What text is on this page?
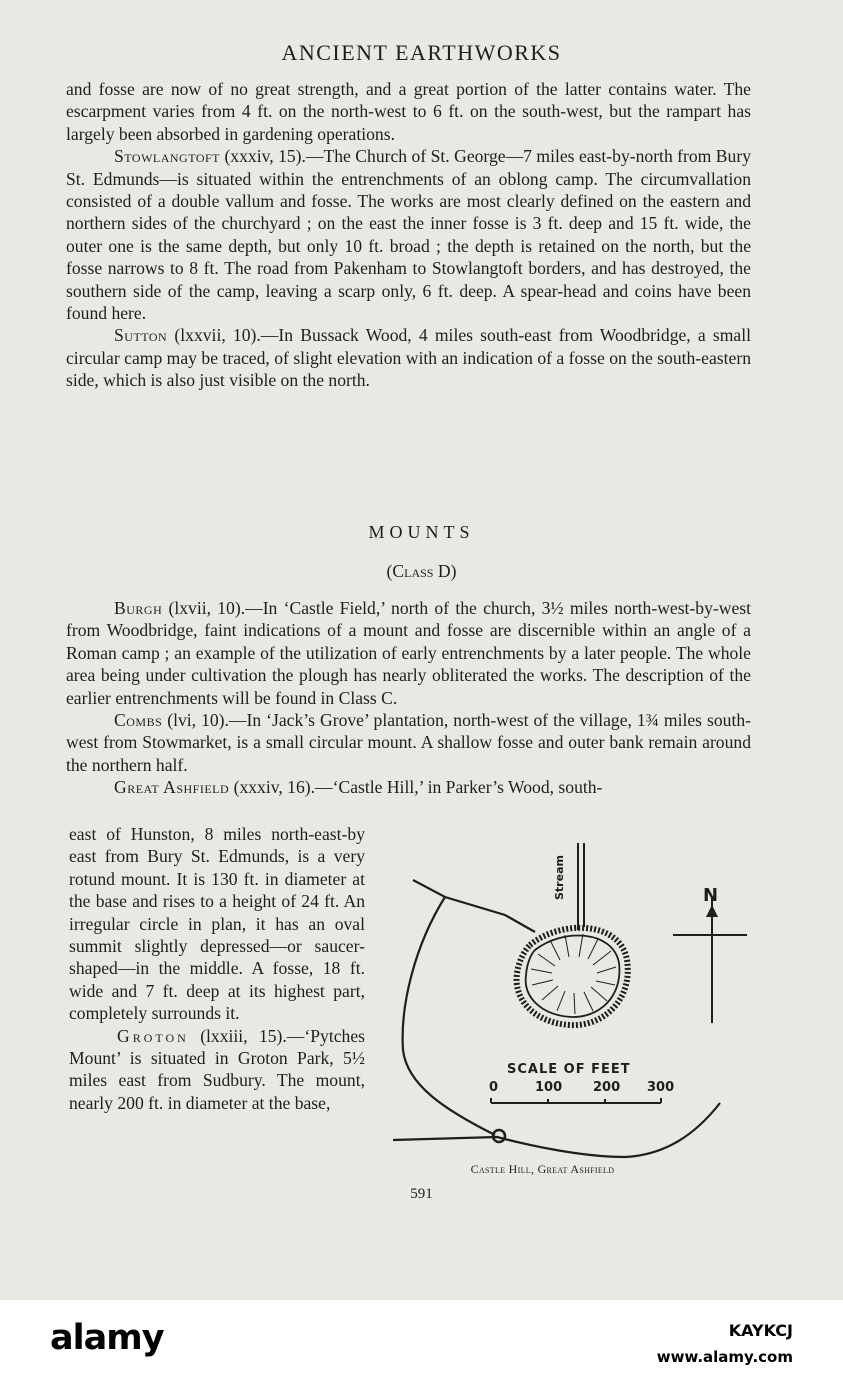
ANCIENT EARTHWORKS

and fosse are now of no great strength, and a great portion of the latter contains water. The escarpment varies from 4 ft. on the north-west to 6 ft. on the south-west, but the rampart has largely been absorbed in gardening operations.

Stowlangtoft (xxxiv, 15).—The Church of St. George—7 miles east-by-north from Bury St. Edmunds—is situated within the entrenchments of an oblong camp. The circumvallation consisted of a double vallum and fosse. The works are most clearly defined on the eastern and northern sides of the churchyard ; on the east the inner fosse is 3 ft. deep and 15 ft. wide, the outer one is the same depth, but only 10 ft. broad ; the depth is retained on the north, but the fosse narrows to 8 ft. The road from Pakenham to Stowlangtoft borders, and has destroyed, the southern side of the camp, leaving a scarp only, 6 ft. deep. A spear-head and coins have been found here.

Sutton (lxxvii, 10).—In Bussack Wood, 4 miles south-east from Woodbridge, a small circular camp may be traced, of slight elevation with an indication of a fosse on the south-eastern side, which is also just visible on the north.

MOUNTS
(Class D)

Burgh (lxvii, 10).—In ‘Castle Field,’ north of the church, 3½ miles north-west-by-west from Woodbridge, faint indications of a mount and fosse are discernible within an angle of a Roman camp ; an example of the utilization of early entrenchments by a later people. The whole area being under cultivation the plough has nearly obliterated the works. The description of the earlier entrenchments will be found in Class C.

Combs (lvi, 10).—In ‘Jack’s Grove’ plantation, north-west of the village, 1¾ miles south-west from Stowmarket, is a small circular mount. A shallow fosse and outer bank remain around the northern half.

Great Ashfield (xxxiv, 16).—‘Castle Hill,’ in Parker’s Wood, south-

east of Hunston, 8 miles north-east-by east from Bury St. Edmunds, is a very rotund mount. It is 130 ft. in diameter at the base and rises to a height of 24 ft. An irregular circle in plan, it has an oval summit slightly depressed—or saucer-shaped—in the middle. A fosse, 18 ft. wide and 7 ft. deep at its highest part, completely surrounds it.

Groton (lxxiii, 15).—‘Pytches Mount’ is situated in Groton Park, 5½ miles east from Sudbury. The mount, nearly 200 ft. in diameter at the base,

Stream	N
SCALE OF FEET
0	100 200 300
Castle Hill, Great Ashfield
591
alamy	KAYKCJ
www.alamy.com
